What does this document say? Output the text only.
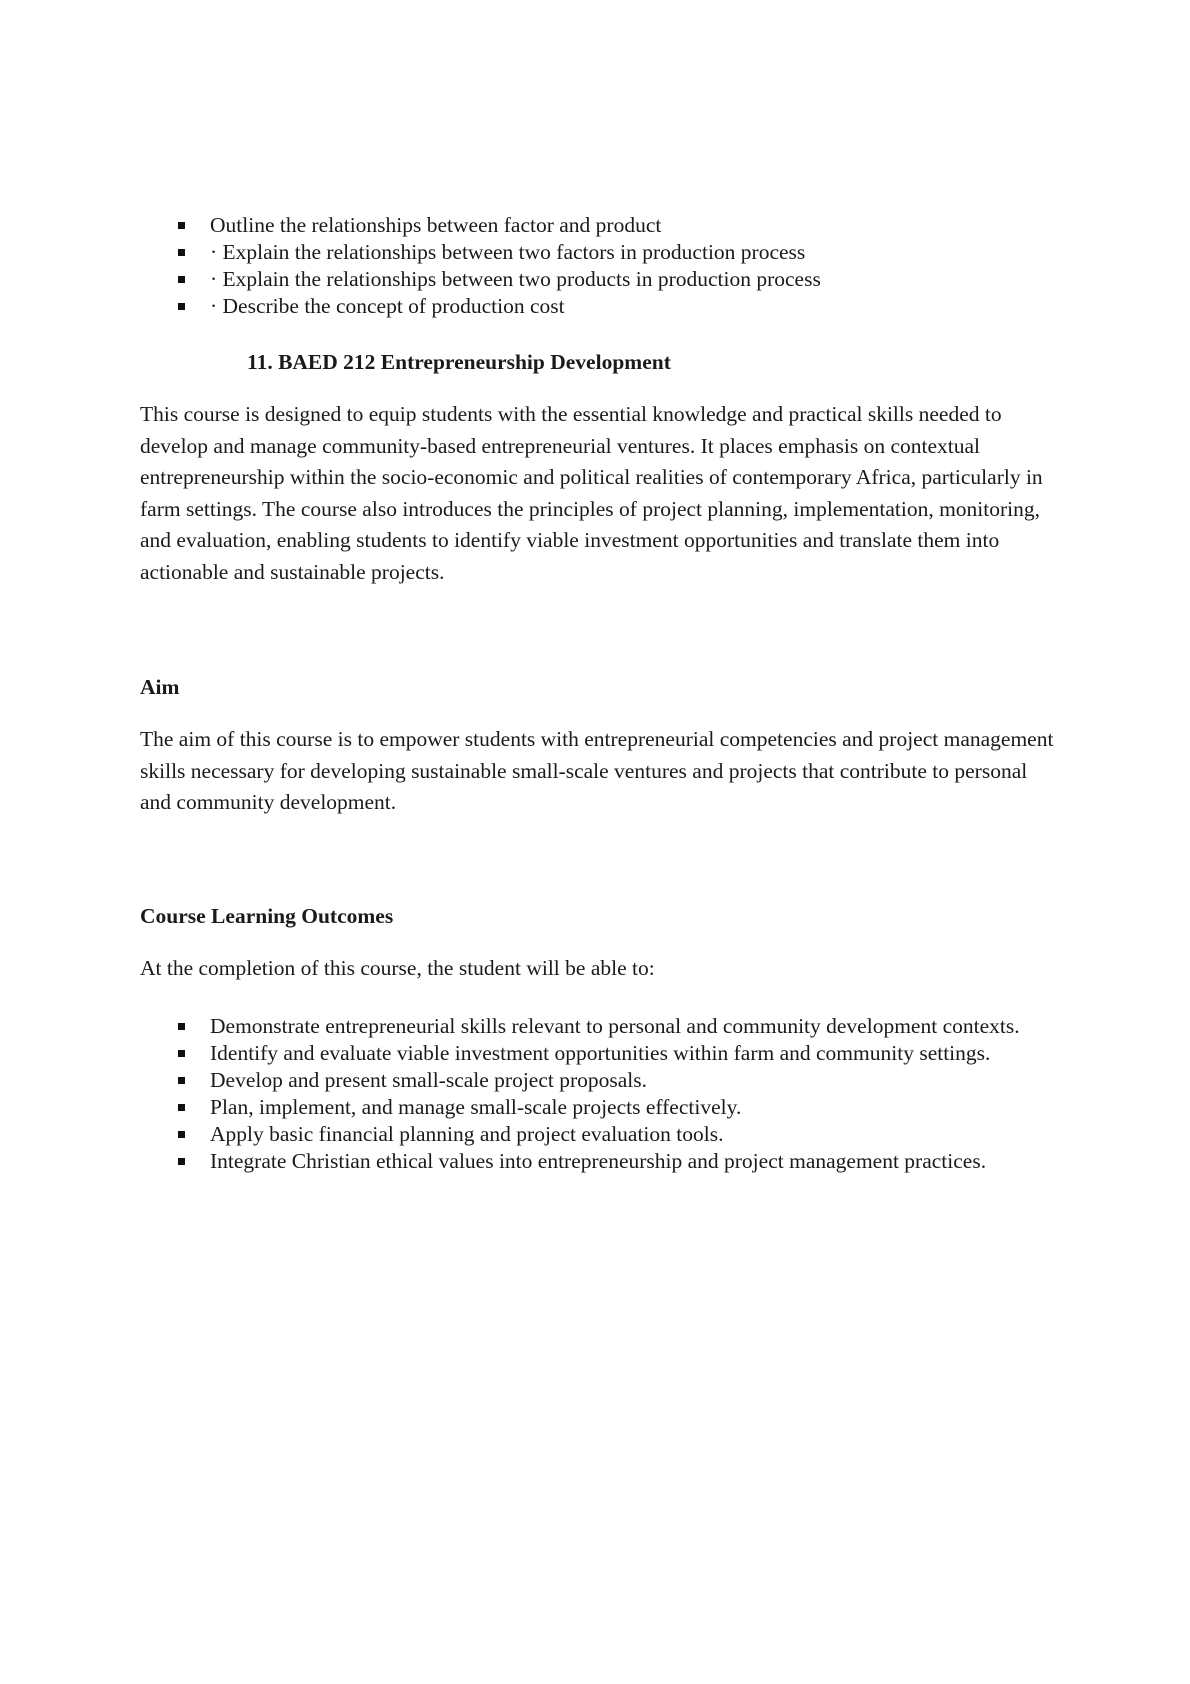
Outline the relationships between factor and product
· Explain the relationships between two factors in production process
· Explain the relationships between two products in production process
· Describe the concept of production cost
11. BAED 212 Entrepreneurship Development

This course is designed to equip students with the essential knowledge and practical skills needed to develop and manage community-based entrepreneurial ventures. It places emphasis on contextual entrepreneurship within the socio-economic and political realities of contemporary Africa, particularly in farm settings. The course also introduces the principles of project planning, implementation, monitoring, and evaluation, enabling students to identify viable investment opportunities and translate them into actionable and sustainable projects.

Aim

The aim of this course is to empower students with entrepreneurial competencies and project management skills necessary for developing sustainable small-scale ventures and projects that contribute to personal and community development.

Course Learning Outcomes

At the completion of this course, the student will be able to:

Demonstrate entrepreneurial skills relevant to personal and community development contexts.
Identify and evaluate viable investment opportunities within farm and community settings.
Develop and present small-scale project proposals.
Plan, implement, and manage small-scale projects effectively.
Apply basic financial planning and project evaluation tools.
Integrate Christian ethical values into entrepreneurship and project management practices.
